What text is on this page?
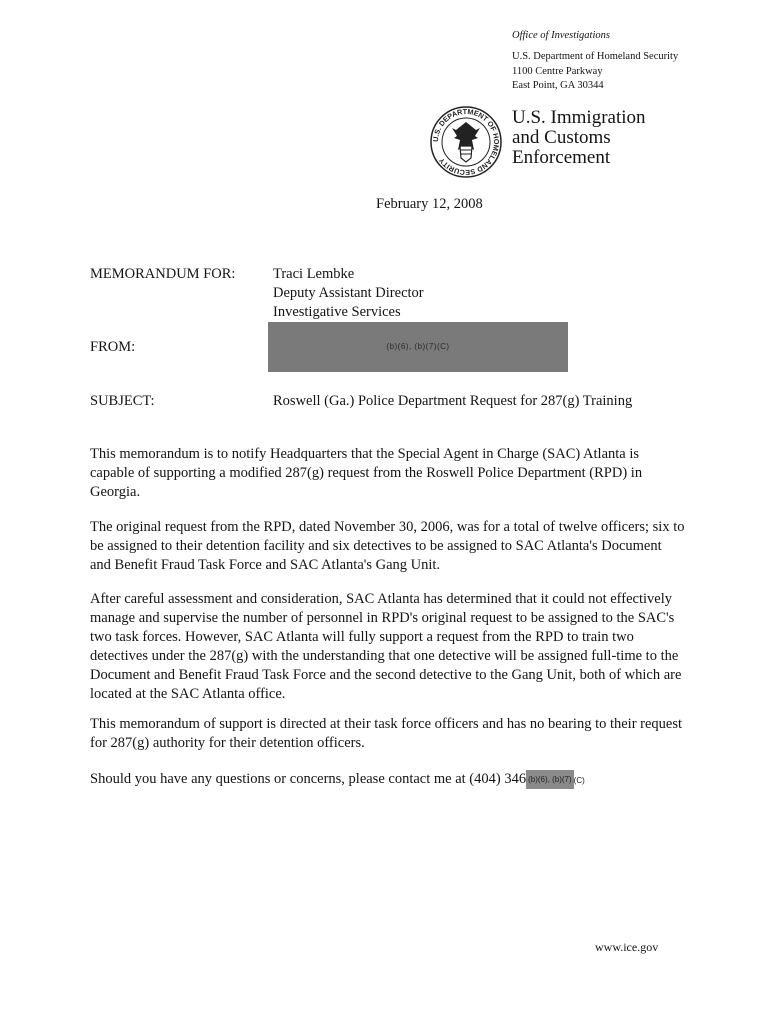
Office of Investigations
U.S. Department of Homeland Security
1100 Centre Parkway
East Point, GA 30344
U.S. DEPARTMENT OF HOMELAND SECURITY
U.S. Immigration
and Customs
Enforcement
February 12, 2008
MEMORANDUM FOR:	Traci Lembke
Deputy Assistant Director
Investigative Services
FROM:	(b)(6), (b)(7)(C)
SUBJECT:	Roswell (Ga.) Police Department Request for 287(g) Training

This memorandum is to notify Headquarters that the Special Agent in Charge (SAC) Atlanta is capable of supporting a modified 287(g) request from the Roswell Police Department (RPD) in Georgia.

The original request from the RPD, dated November 30, 2006, was for a total of twelve officers; six to be assigned to their detention facility and six detectives to be assigned to SAC Atlanta's Document and Benefit Fraud Task Force and SAC Atlanta's Gang Unit.

After careful assessment and consideration, SAC Atlanta has determined that it could not effectively manage and supervise the number of personnel in RPD's original request to be assigned to the SAC's two task forces. However, SAC Atlanta will fully support a request from the RPD to train two detectives under the 287(g) with the understanding that one detective will be assigned full-time to the Document and Benefit Fraud Task Force and the second detective to the Gang Unit, both of which are located at the SAC Atlanta office.

This memorandum of support is directed at their task force officers and has no bearing to their request for 287(g) authority for their detention officers.

Should you have any questions or concerns, please contact me at (404) 346 (b)(6), (b)(7) (C)

www.ice.gov
